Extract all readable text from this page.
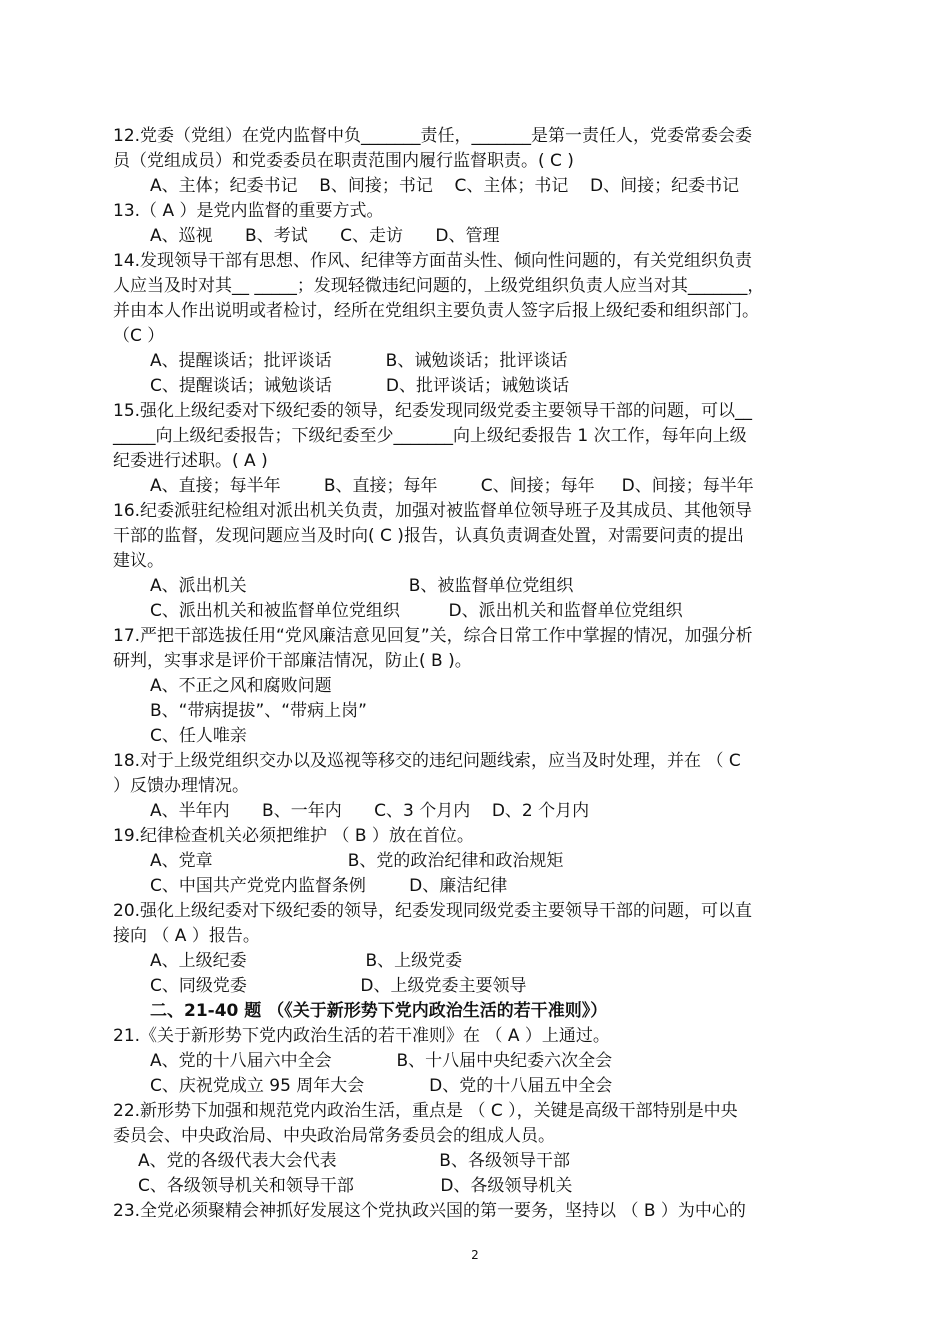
12.党委（党组）在党内监督中负_______责任，_______是第一责任人，党委常委会委
员（党组成员）和党委委员在职责范围内履行监督职责。( C )
A、主体；纪委书记    B、间接；书记    C、主体；书记    D、间接；纪委书记
13.（ A ）是党内监督的重要方式。
A、巡视      B、考试      C、走访      D、管理
14.发现领导干部有思想、作风、纪律等方面苗头性、倾向性问题的，有关党组织负责
人应当及时对其__ _____；发现轻微违纪问题的，上级党组织负责人应当对其_______，
并由本人作出说明或者检讨，经所在党组织主要负责人签字后报上级纪委和组织部门。
（C ）
A、提醒谈话；批评谈话          B、诫勉谈话；批评谈话
C、提醒谈话；诫勉谈话          D、批评谈话；诫勉谈话
15.强化上级纪委对下级纪委的领导，纪委发现同级党委主要领导干部的问题，可以__
_____向上级纪委报告；下级纪委至少_______向上级纪委报告 1 次工作，每年向上级
纪委进行述职。( A )
A、直接；每半年        B、直接；每年        C、间接；每年     D、间接；每半年
16.纪委派驻纪检组对派出机关负责，加强对被监督单位领导班子及其成员、其他领导
干部的监督，发现问题应当及时向( C )报告，认真负责调查处置，对需要问责的提出
建议。
A、派出机关                              B、被监督单位党组织
C、派出机关和被监督单位党组织         D、派出机关和监督单位党组织
17.严把干部选拔任用“党风廉洁意见回复”关，综合日常工作中掌握的情况，加强分析
研判，实事求是评价干部廉洁情况，防止( B )。
A、不正之风和腐败问题
B、“带病提拔”、“带病上岗”
C、任人唯亲
18.对于上级党组织交办以及巡视等移交的违纪问题线索，应当及时处理，并在 （ C
）反馈办理情况。
A、半年内      B、一年内      C、3 个月内    D、2 个月内
19.纪律检查机关必须把维护 （ B ）放在首位。
A、党章                         B、党的政治纪律和政治规矩
C、中国共产党党内监督条例        D、廉洁纪律
20.强化上级纪委对下级纪委的领导，纪委发现同级党委主要领导干部的问题，可以直
接向 （ A ）报告。
A、上级纪委                      B、上级党委
C、同级党委                     D、上级党委主要领导
二、21-40 题 （《关于新形势下党内政治生活的若干准则》）
21.《关于新形势下党内政治生活的若干准则》在 （ A ）上通过。
A、党的十八届六中全会            B、十八届中央纪委六次全会
C、庆祝党成立 95 周年大会            D、党的十八届五中全会
22.新形势下加强和规范党内政治生活，重点是 （ C ），关键是高级干部特别是中央
委员会、中央政治局、中央政治局常务委员会的组成人员。
A、党的各级代表大会代表                   B、各级领导干部
C、各级领导机关和领导干部                D、各级领导机关
23.全党必须聚精会神抓好发展这个党执政兴国的第一要务，坚持以 （ B ）为中心的
2
